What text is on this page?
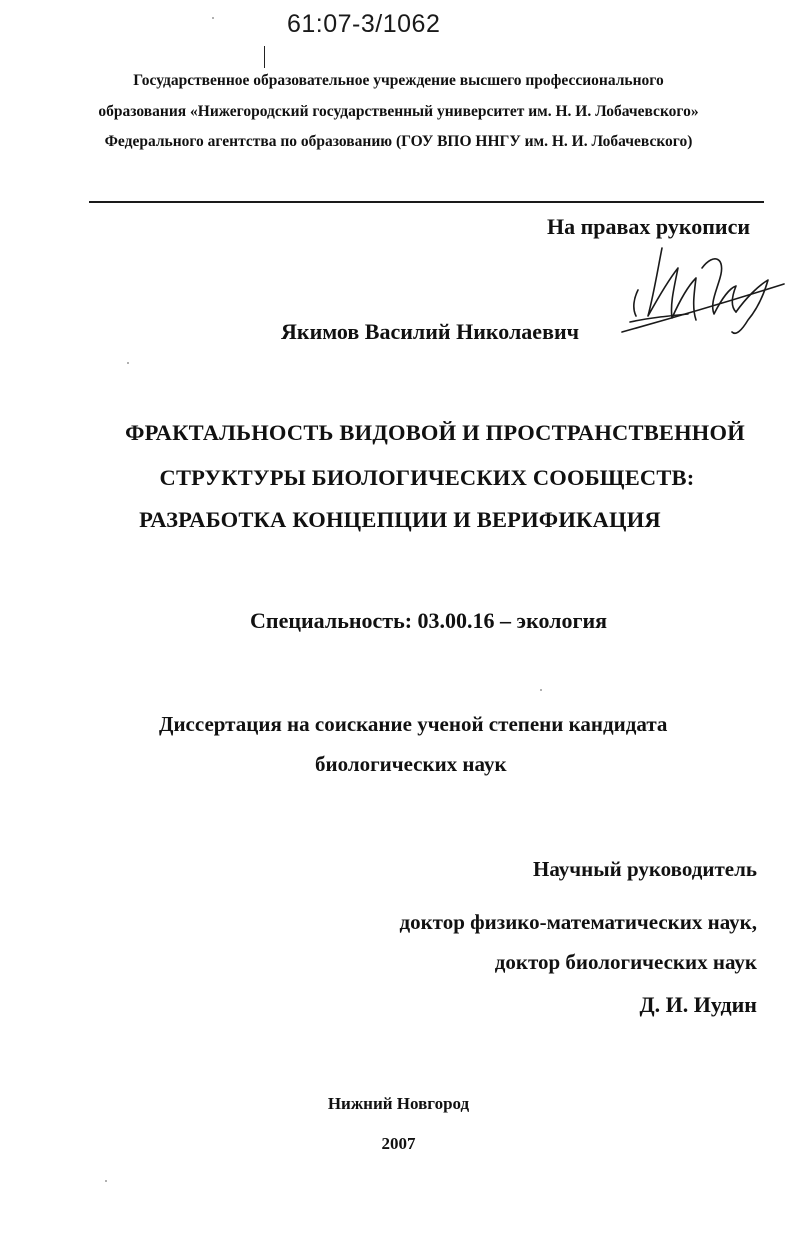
61:07-3/1062
Государственное образовательное учреждение высшего профессионального
образования «Нижегородский государственный университет им. Н. И. Лобачевского»
Федерального агентства по образованию (ГОУ ВПО ННГУ им. Н. И. Лобачевского)
На правах рукописи
Якимов Василий Николаевич
ФРАКТАЛЬНОСТЬ ВИДОВОЙ И ПРОСТРАНСТВЕННОЙ
СТРУКТУРЫ БИОЛОГИЧЕСКИХ СООБЩЕСТВ:
РАЗРАБОТКА КОНЦЕПЦИИ И ВЕРИФИКАЦИЯ
Специальность: 03.00.16 – экология
Диссертация на соискание ученой степени кандидата
биологических наук
Научный руководитель
доктор физико-математических наук,
доктор биологических наук
Д. И. Иудин
Нижний Новгород
2007
